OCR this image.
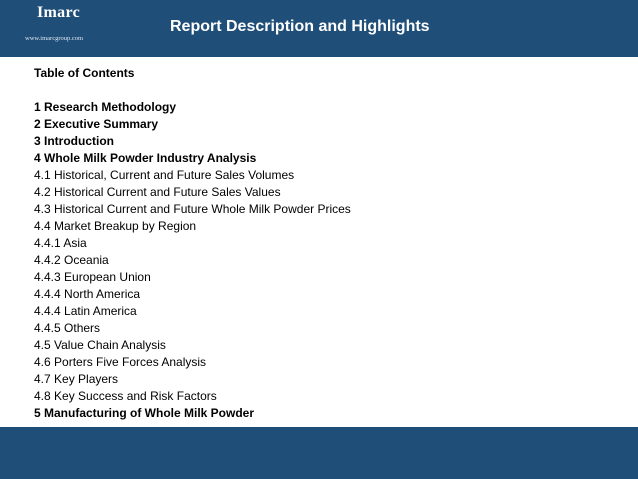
Imarc
www.imarcgroup.com
Report Description and Highlights
Table of Contents
1 Research Methodology
2 Executive Summary
3 Introduction
4 Whole Milk Powder Industry Analysis
4.1 Historical, Current and Future Sales Volumes
4.2 Historical Current and Future Sales Values
4.3 Historical Current and Future Whole Milk Powder Prices
4.4 Market Breakup by Region
4.4.1 Asia
4.4.2 Oceania
4.4.3 European Union
4.4.4 North America
4.4.4 Latin America
4.4.5 Others
4.5 Value Chain Analysis
4.6 Porters Five Forces Analysis
4.7 Key Players
4.8 Key Success and Risk Factors
5 Manufacturing of Whole Milk Powder
